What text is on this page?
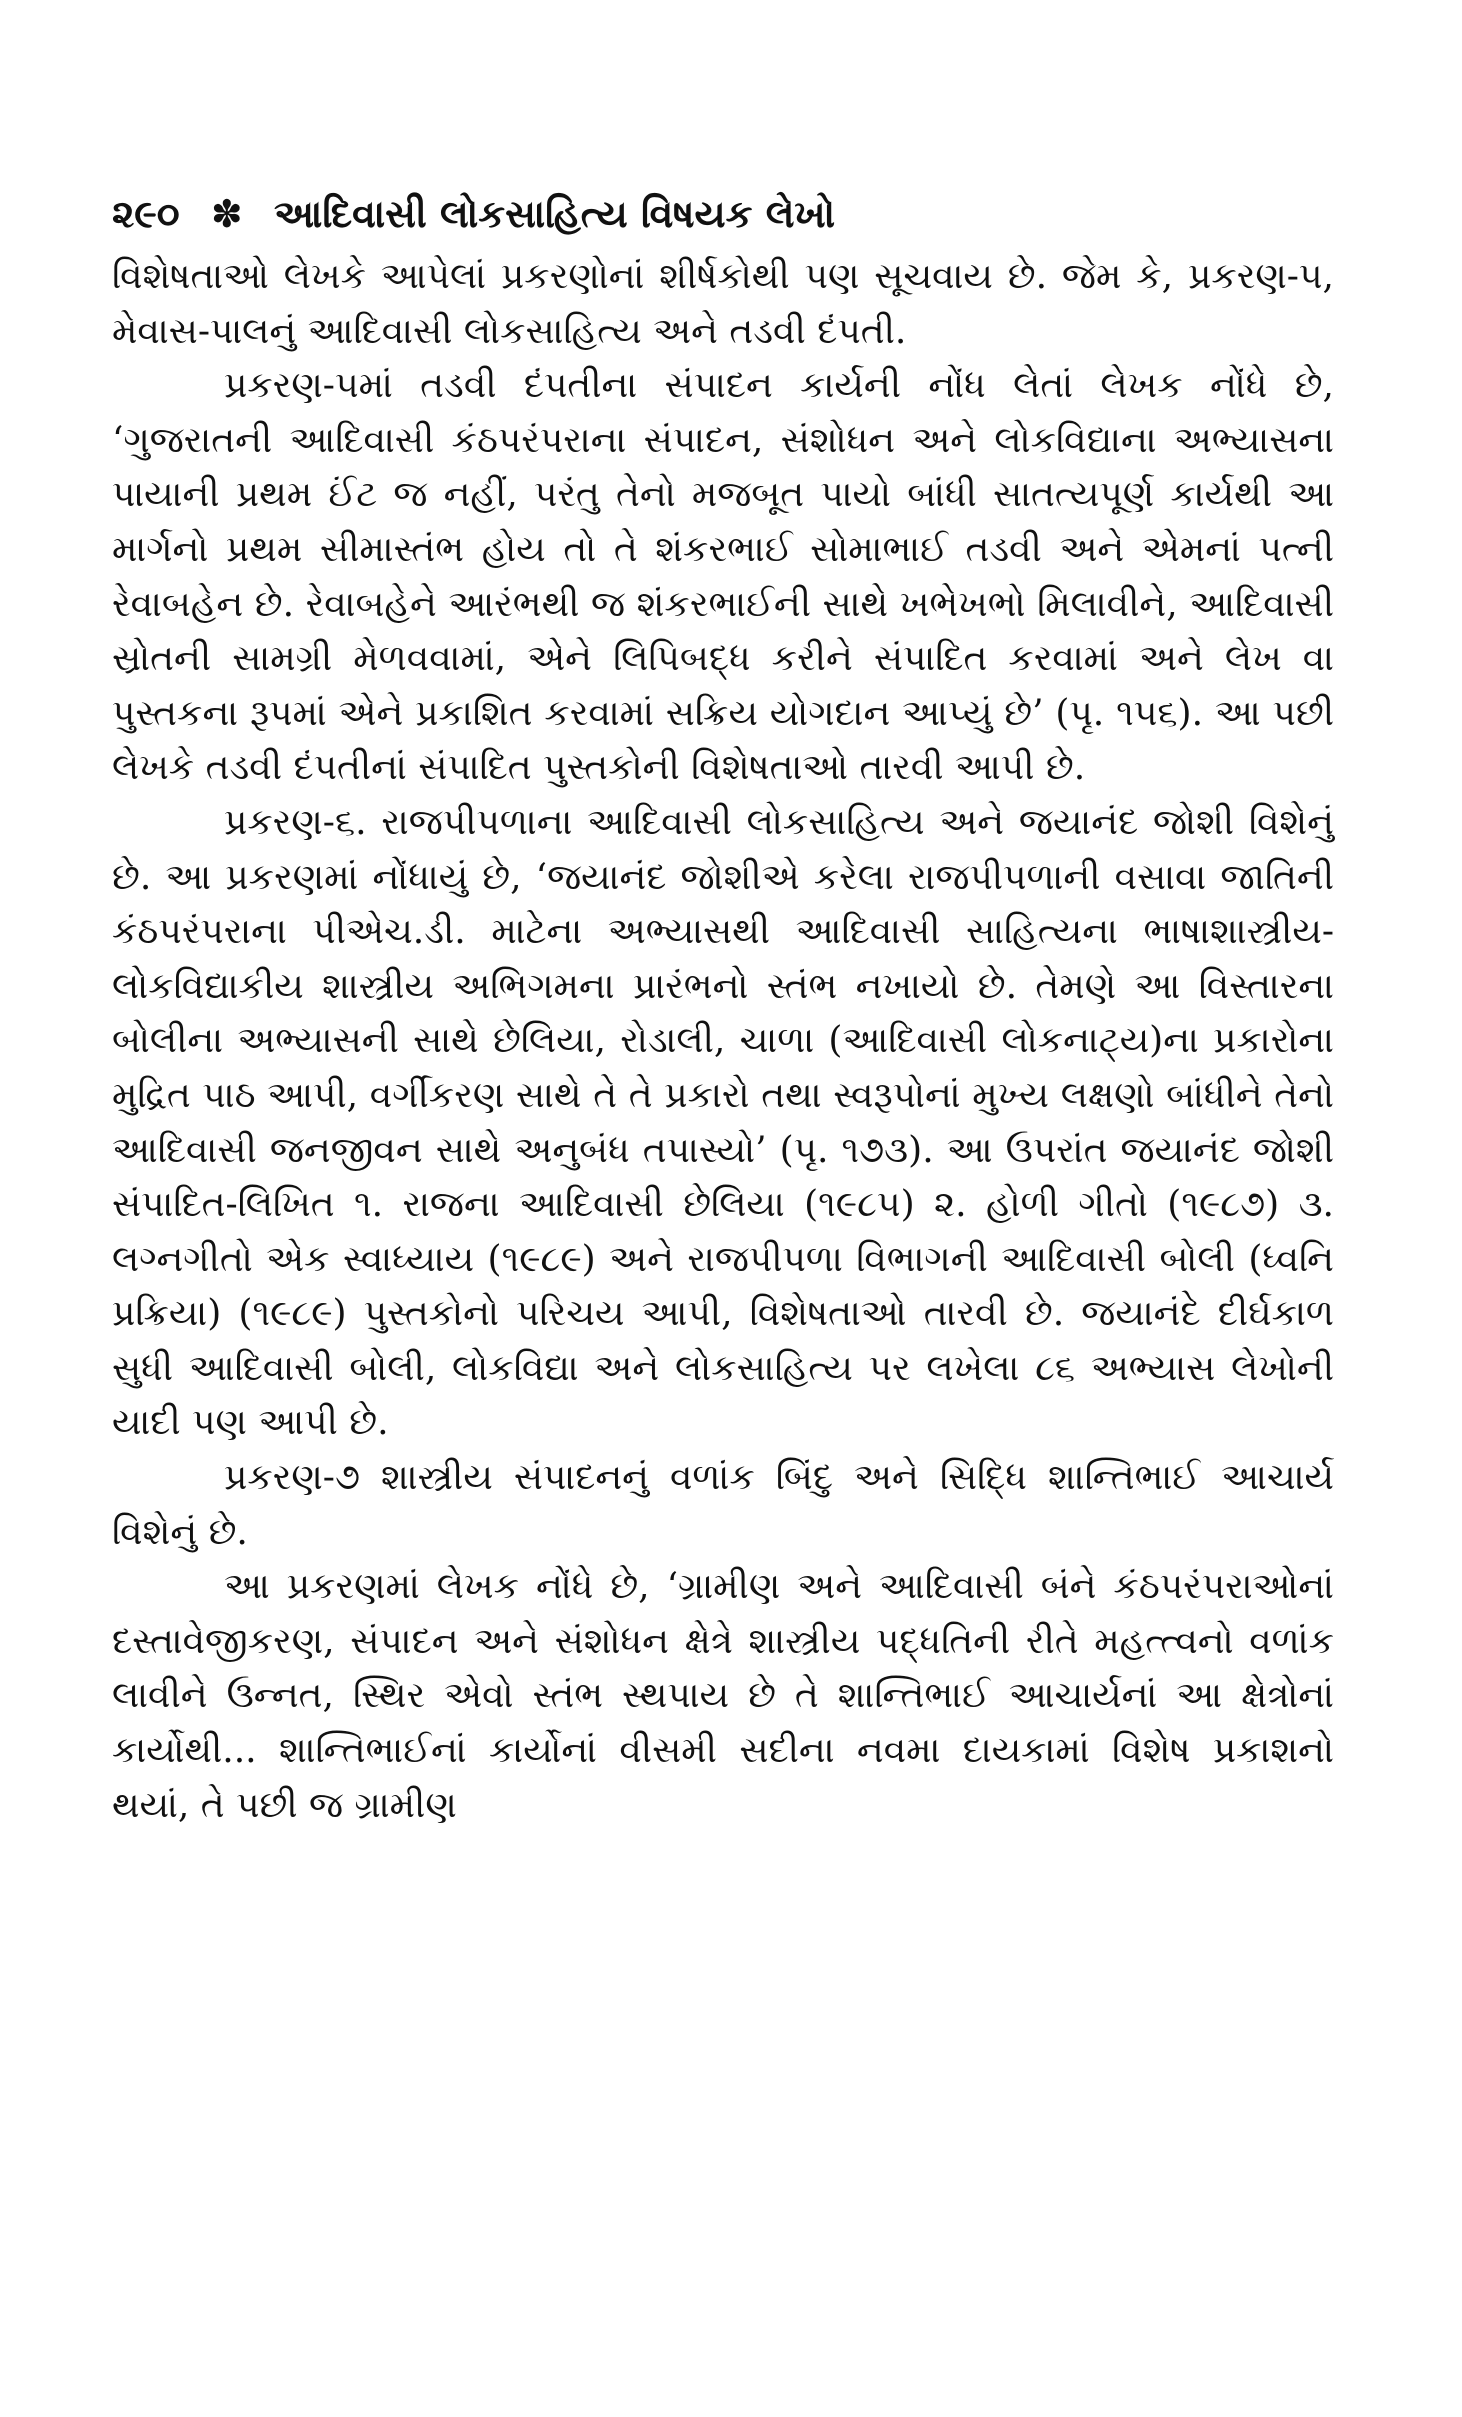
૨૯૦ ✽ આદિવાસી લોકસાહિત્ય વિષયક લેખો

વિશેષતાઓ લેખકે આપેલાં પ્રકરણોનાં શીર્ષકોથી પણ સૂચવાય છે. જેમ કે, પ્રકરણ-૫, મેવાસ-પાલનું આદિવાસી લોકસાહિત્ય અને તડવી દંપતી.

પ્રકરણ-૫માં તડવી દંપતીના સંપાદન કાર્યની નોંધ લેતાં લેખક નોંધે છે, ‘ગુજરાતની આદિવાસી કંઠપરંપરાના સંપાદન, સંશોધન અને લોકવિદ્યાના અભ્યાસના પાયાની પ્રથમ ઈંટ જ નહીં, પરંતુ તેનો મજબૂત પાયો બાંધી સાતત્યપૂર્ણ કાર્યથી આ માર્ગનો પ્રથમ સીમાસ્તંભ હોય તો તે શંકરભાઈ સોમાભાઈ તડવી અને એમનાં પત્ની રેવાબહેન છે. રેવાબહેને આરંભથી જ શંકરભાઈની સાથે ખભેખભો મિલાવીને, આદિવાસી સ્રોતની સામગ્રી મેળવવામાં, એને લિપિબદ્ધ કરીને સંપાદિત કરવામાં અને લેખ વા પુસ્તકના રૂપમાં એને પ્રકાશિત કરવામાં સક્રિય યોગદાન આપ્યું છે’ (પૃ. ૧૫૬). આ પછી લેખકે તડવી દંપતીનાં સંપાદિત પુસ્તકોની વિશેષતાઓ તારવી આપી છે.

પ્રકરણ-૬. રાજપીપળાના આદિવાસી લોકસાહિત્ય અને જયાનંદ જોશી વિશેનું છે. આ પ્રકરણમાં નોંધાયું છે, ‘જયાનંદ જોશીએ કરેલા રાજપીપળાની વસાવા જાતિની કંઠપરંપરાના પીએચ.ડી. માટેના અભ્યાસથી આદિવાસી સાહિત્યના ભાષાશાસ્ત્રીય-લોકવિદ્યાકીય શાસ્ત્રીય અભિગમના પ્રારંભનો સ્તંભ નખાયો છે. તેમણે આ વિસ્તારના બોલીના અભ્યાસની સાથે છેલિયા, રોડાલી, ચાળા (આદિવાસી લોકનાટ્ય)ના પ્રકારોના મુદ્રિત પાઠ આપી, વર્ગીકરણ સાથે તે તે પ્રકારો તથા સ્વરૂપોનાં મુખ્ય લક્ષણો બાંધીને તેનો આદિવાસી જનજીવન સાથે અનુબંધ તપાસ્યો’ (પૃ. ૧૭૩). આ ઉપરાંત જયાનંદ જોશી સંપાદિત-લિખિત ૧. રાજના આદિવાસી છેલિયા (૧૯૮૫) ૨. હોળી ગીતો (૧૯૮૭) ૩. લગ્નગીતો એક સ્વાધ્યાય (૧૯૮૯) અને રાજપીપળા વિભાગની આદિવાસી બોલી (ધ્વનિ પ્રક્રિયા) (૧૯૮૯) પુસ્તકોનો પરિચય આપી, વિશેષતાઓ તારવી છે. જયાનંદે દીર્ઘકાળ સુધી આદિવાસી બોલી, લોકવિદ્યા અને લોકસાહિત્ય પર લખેલા ૮૬ અભ્યાસ લેખોની યાદી પણ આપી છે.

પ્રકરણ-૭ શાસ્ત્રીય સંપાદનનું વળાંક બિંદુ અને સિદ્ધિ શાન્તિભાઈ આચાર્ય વિશેનું છે.

આ પ્રકરણમાં લેખક નોંધે છે, ‘ગ્રામીણ અને આદિવાસી બંને કંઠપરંપરાઓનાં દસ્તાવેજીકરણ, સંપાદન અને સંશોધન ક્ષેત્રે શાસ્ત્રીય પદ્ધતિની રીતે મહત્ત્વનો વળાંક લાવીને ઉન્નત, સ્થિર એવો સ્તંભ સ્થપાય છે તે શાન્તિભાઈ આચાર્યનાં આ ક્ષેત્રોનાં કાર્યોથી... શાન્તિભાઈનાં કાર્યોનાં વીસમી સદીના નવમા દાયકામાં વિશેષ પ્રકાશનો થયાં, તે પછી જ ગ્રામીણ
